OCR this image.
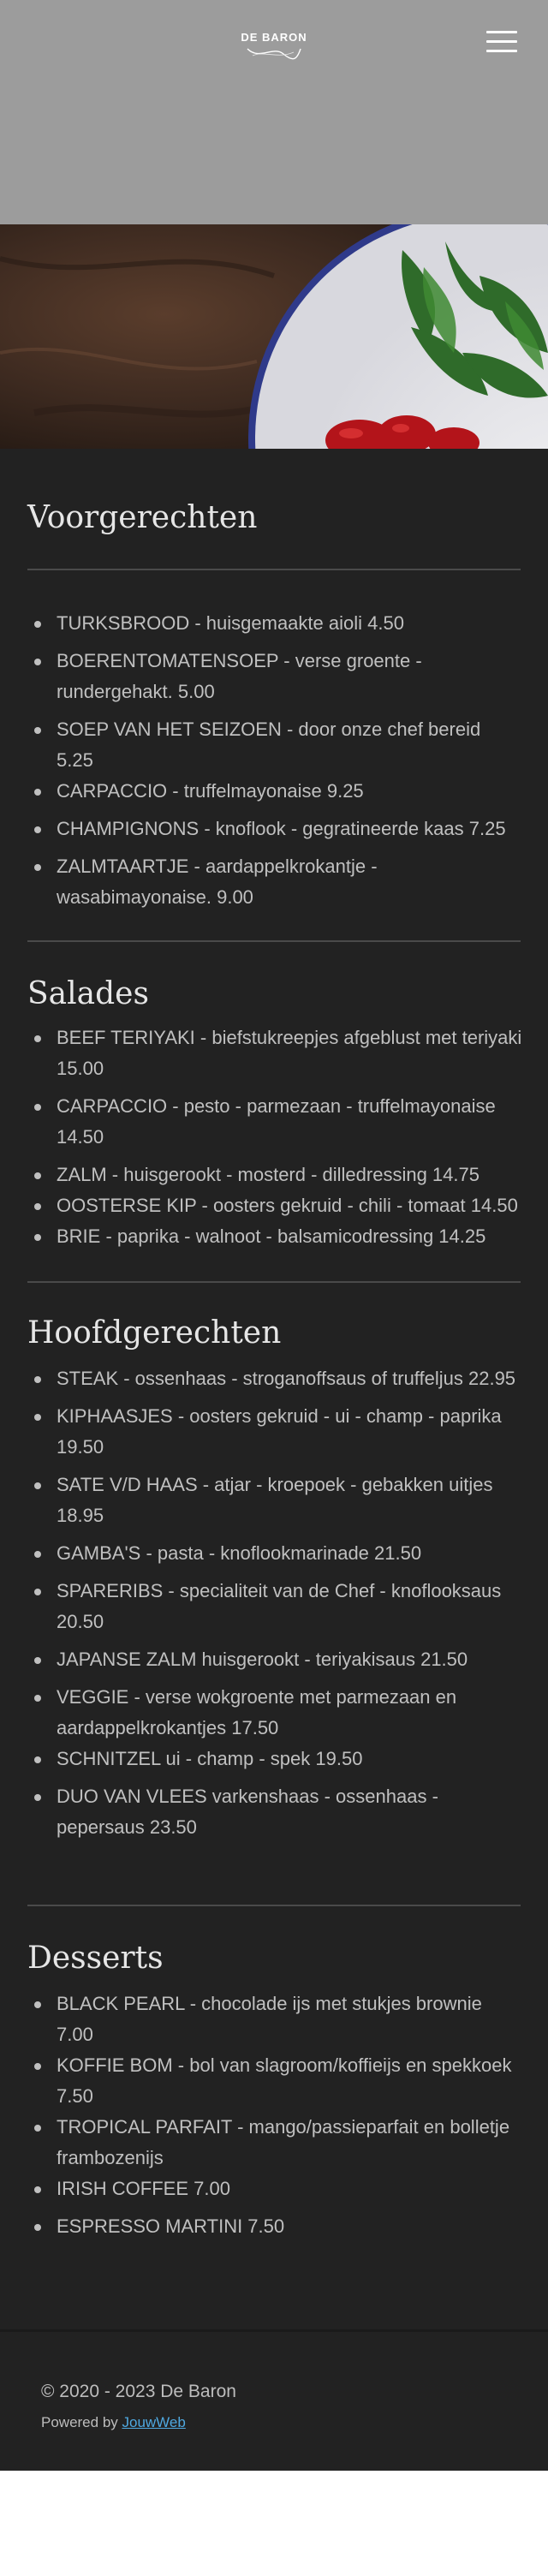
DE BARON
Voorgerechten
TURKSBROOD - huisgemaakte aioli 4.50
BOERENTOMATENSOEP - verse groente - rundergehakt. 5.00
SOEP VAN HET SEIZOEN - door onze chef bereid 5.25
CARPACCIO - truffelmayonaise 9.25
CHAMPIGNONS - knoflook - gegratineerde kaas 7.25
ZALMTAARTJE - aardappelkrokantje - wasabimayonaise. 9.00
Salades
BEEF TERIYAKI - biefstukreepjes afgeblust met teriyaki 15.00
CARPACCIO - pesto - parmezaan - truffelmayonaise 14.50
ZALM - huisgerookt - mosterd - dilledressing 14.75
OOSTERSE KIP - oosters gekruid - chili - tomaat 14.50
BRIE - paprika - walnoot - balsamicodressing 14.25
Hoofdgerechten
STEAK - ossenhaas - stroganoffsaus of truffeljus 22.95
KIPHAASJES - oosters gekruid - ui - champ - paprika 19.50
SATE V/D HAAS - atjar - kroepoek - gebakken uitjes 18.95
GAMBA'S - pasta - knoflookmarinade 21.50
SPARERIBS - specialiteit van de Chef - knoflooksaus 20.50
JAPANSE ZALM huisgerookt - teriyakisaus 21.50
VEGGIE - verse wokgroente met parmezaan en aardappelkrokantjes 17.50
SCHNITZEL ui - champ - spek 19.50
DUO VAN VLEES varkenshaas - ossenhaas - pepersaus 23.50
Desserts
BLACK PEARL - chocolade ijs met stukjes brownie 7.00
KOFFIE BOM - bol van slagroom/koffieijs en spekkoek 7.50
TROPICAL PARFAIT - mango/passieparfait en bolletje frambozenijs
IRISH COFFEE 7.00
ESPRESSO MARTINI 7.50
© 2020 - 2023 De Baron
Powered by JouwWeb
